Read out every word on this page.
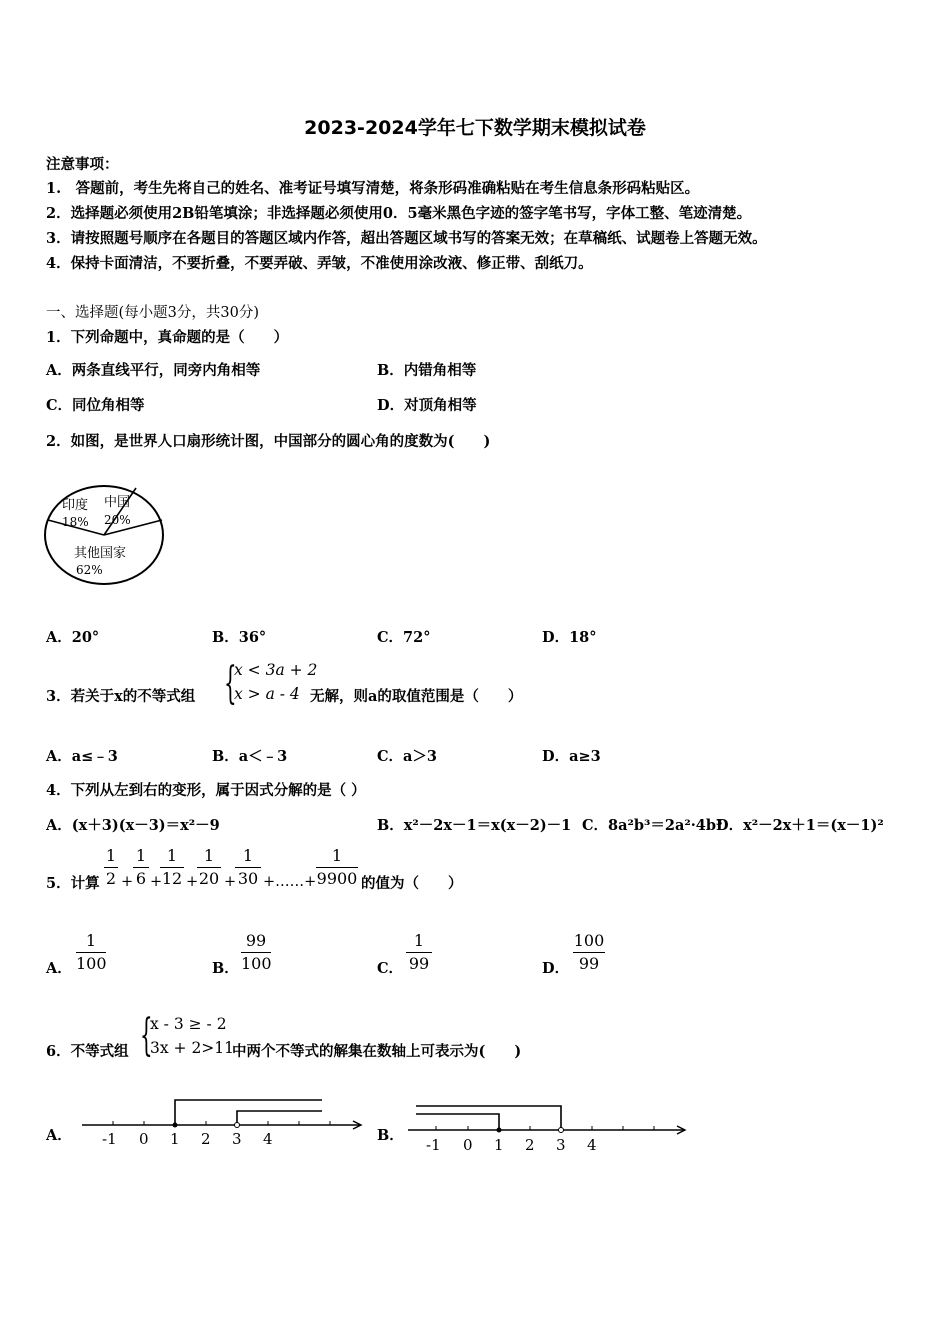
2023-2024学年七下数学期末模拟试卷
注意事项：
1.　答题前，考生先将自己的姓名、准考证号填写清楚，将条形码准确粘贴在考生信息条形码粘贴区。
2．选择题必须使用2B铅笔填涂；非选择题必须使用0．5毫米黑色字迹的签字笔书写，字体工整、笔迹清楚。
3．请按照题号顺序在各题目的答题区域内作答，超出答题区域书写的答案无效；在草稿纸、试题卷上答题无效。
4．保持卡面清洁，不要折叠，不要弄破、弄皱，不准使用涂改液、修正带、刮纸刀。
一、选择题(每小题3分，共30分)
1．下列命题中，真命题的是（　　）
A．两条直线平行，同旁内角相等	B．内错角相等
C．同位角相等	D．对顶角相等
2．如图，是世界人口扇形统计图，中国部分的圆心角的度数为(　　)
印度
18%
中国
20%
其他国家
62%
A．20°	B．36°	C．72°	D．18°
3．若关于x的不等式组 {
x < 3a + 2
x > a - 4 无解，则a的取值范围是（　　）
A．a≤﹣3	B．a＜﹣3	C．a＞3	D．a≥3
4．下列从左到右的变形，属于因式分解的是（ ）
A．(x＋3)(x－3)＝x²－9	B．x²－2x－1＝x(x－2)－1 C．8a²b³＝2a²·4b³
D．x²－2x＋1＝(x－1)²
5．计算
1
2 +
1
6 +
1
12 +
1
20 +
1
30 +……+
1
9900 的值为（　　）
A．
1
100	B．
99
100	C．
1
99	D．
100
99
6．不等式组 {
x - 3 ≥ - 2
3x + 2>11
中两个不等式的解集在数轴上可表示为(　　)
A． -1 0 1 2 3 4	B．
-1 0 1 2 3 4
